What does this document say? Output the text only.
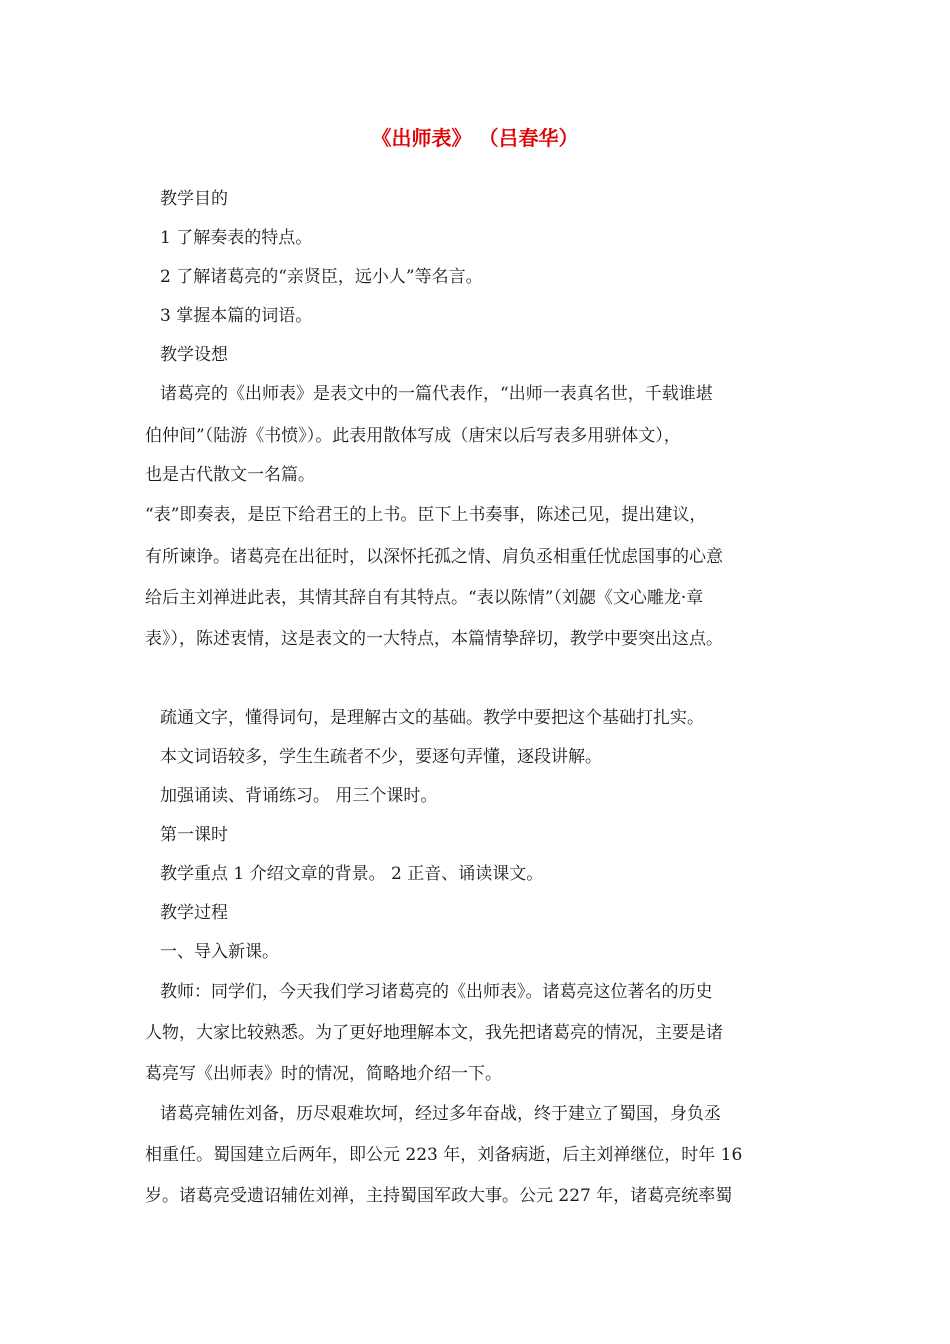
《出师表》 （吕春华）
教学目的
1 了解奏表的特点。
2 了解诸葛亮的“亲贤臣，远小人”等名言。
3 掌握本篇的词语。
教学设想
诸葛亮的《出师表》是表文中的一篇代表作，“出师一表真名世，千载谁堪
伯仲间”（陆游《书愤》）。此表用散体写成（唐宋以后写表多用骈体文），
也是古代散文一名篇。
“表”即奏表，是臣下给君王的上书。臣下上书奏事，陈述己见，提出建议，
有所谏诤。诸葛亮在出征时，以深怀托孤之情、肩负丞相重任忧虑国事的心意
给后主刘禅进此表，其情其辞自有其特点。“表以陈情”（刘勰《文心雕龙·章
表》），陈述衷情，这是表文的一大特点，本篇情挚辞切，教学中要突出这点。
疏通文字，懂得词句，是理解古文的基础。教学中要把这个基础打扎实。
本文词语较多，学生生疏者不少，要逐句弄懂，逐段讲解。
加强诵读、背诵练习。 用三个课时。
第一课时
教学重点 1 介绍文章的背景。 2 正音、诵读课文。
教学过程
一、导入新课。
教师：同学们，今天我们学习诸葛亮的《出师表》。诸葛亮这位著名的历史
人物，大家比较熟悉。为了更好地理解本文，我先把诸葛亮的情况，主要是诸
葛亮写《出师表》时的情况，简略地介绍一下。
诸葛亮辅佐刘备，历尽艰难坎坷，经过多年奋战，终于建立了蜀国，身负丞
相重任。蜀国建立后两年，即公元 223 年，刘备病逝，后主刘禅继位，时年 16
岁。诸葛亮受遗诏辅佐刘禅，主持蜀国军政大事。公元 227 年，诸葛亮统率蜀
